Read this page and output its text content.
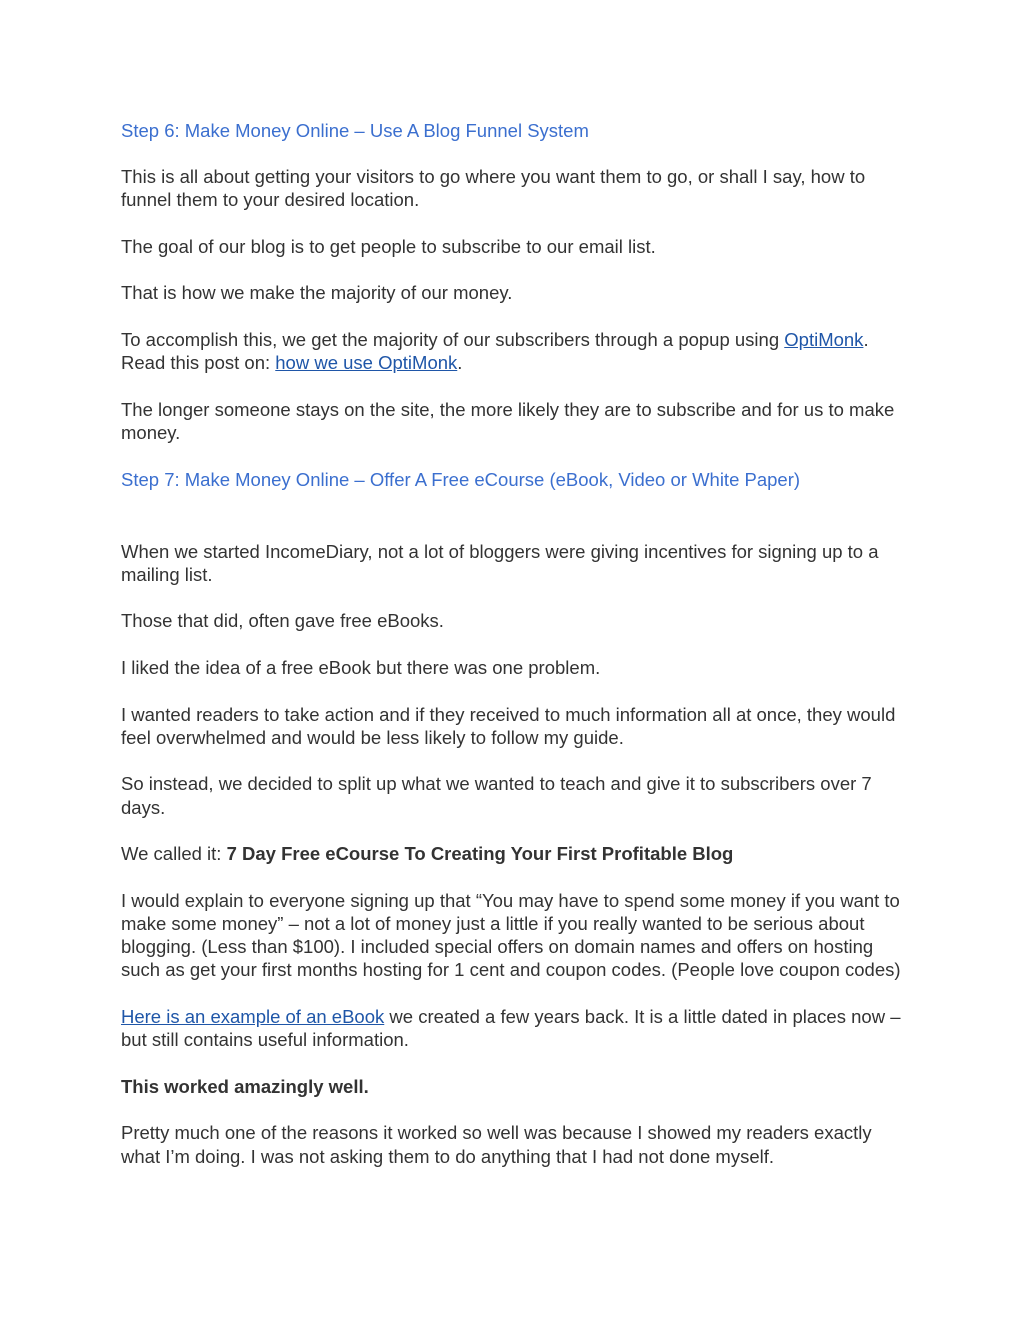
Step 6: Make Money Online – Use A Blog Funnel System

This is all about getting your visitors to go where you want them to go, or shall I say, how to funnel them to your desired location.

The goal of our blog is to get people to subscribe to our email list.

That is how we make the majority of our money.

To accomplish this, we get the majority of our subscribers through a popup using OptiMonk. Read this post on: how we use OptiMonk.

The longer someone stays on the site, the more likely they are to subscribe and for us to make money.

Step 7: Make Money Online – Offer A Free eCourse (eBook, Video or White Paper)

When we started IncomeDiary, not a lot of bloggers were giving incentives for signing up to a mailing list.

Those that did, often gave free eBooks.

I liked the idea of a free eBook but there was one problem.

I wanted readers to take action and if they received to much information all at once, they would feel overwhelmed and would be less likely to follow my guide.

So instead, we decided to split up what we wanted to teach and give it to subscribers over 7 days.

We called it: 7 Day Free eCourse To Creating Your First Profitable Blog

I would explain to everyone signing up that “You may have to spend some money if you want to make some money” – not a lot of money just a little if you really wanted to be serious about blogging. (Less than $100). I included special offers on domain names and offers on hosting such as get your first months hosting for 1 cent and coupon codes. (People love coupon codes)

Here is an example of an eBook we created a few years back. It is a little dated in places now – but still contains useful information.

This worked amazingly well.

Pretty much one of the reasons it worked so well was because I showed my readers exactly what I’m doing. I was not asking them to do anything that I had not done myself.
